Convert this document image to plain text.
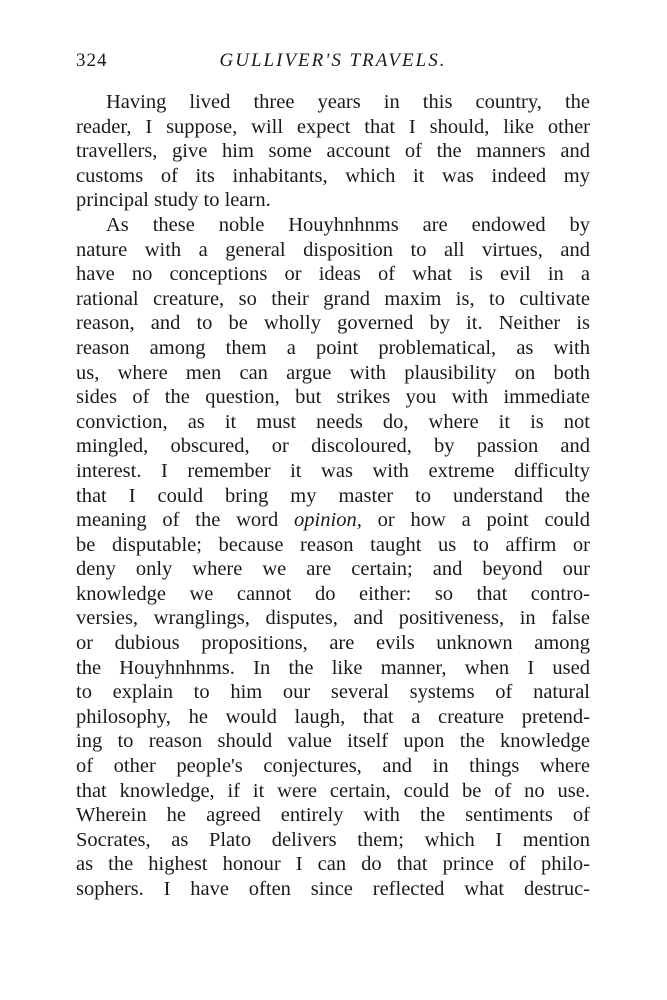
324	GULLIVER'S TRAVELS.
Having lived three years in this country, the
reader, I suppose, will expect that I should, like other
travellers, give him some account of the manners and
customs of its inhabitants, which it was indeed my
principal study to learn.
As these noble Houyhnhnms are endowed by
nature with a general disposition to all virtues, and
have no conceptions or ideas of what is evil in a
rational creature, so their grand maxim is, to cultivate
reason, and to be wholly governed by it. Neither is
reason among them a point problematical, as with
us, where men can argue with plausibility on both
sides of the question, but strikes you with immediate
conviction, as it must needs do, where it is not
mingled, obscured, or discoloured, by passion and
interest. I remember it was with extreme difficulty
that I could bring my master to understand the
meaning of the word opinion, or how a point could
be disputable; because reason taught us to affirm or
deny only where we are certain; and beyond our
knowledge we cannot do either: so that contro-
versies, wranglings, disputes, and positiveness, in false
or dubious propositions, are evils unknown among
the Houyhnhnms. In the like manner, when I used
to explain to him our several systems of natural
philosophy, he would laugh, that a creature pretend-
ing to reason should value itself upon the knowledge
of other people's conjectures, and in things where
that knowledge, if it were certain, could be of no use.
Wherein he agreed entirely with the sentiments of
Socrates, as Plato delivers them; which I mention
as the highest honour I can do that prince of philo-
sophers. I have often since reflected what destruc-
